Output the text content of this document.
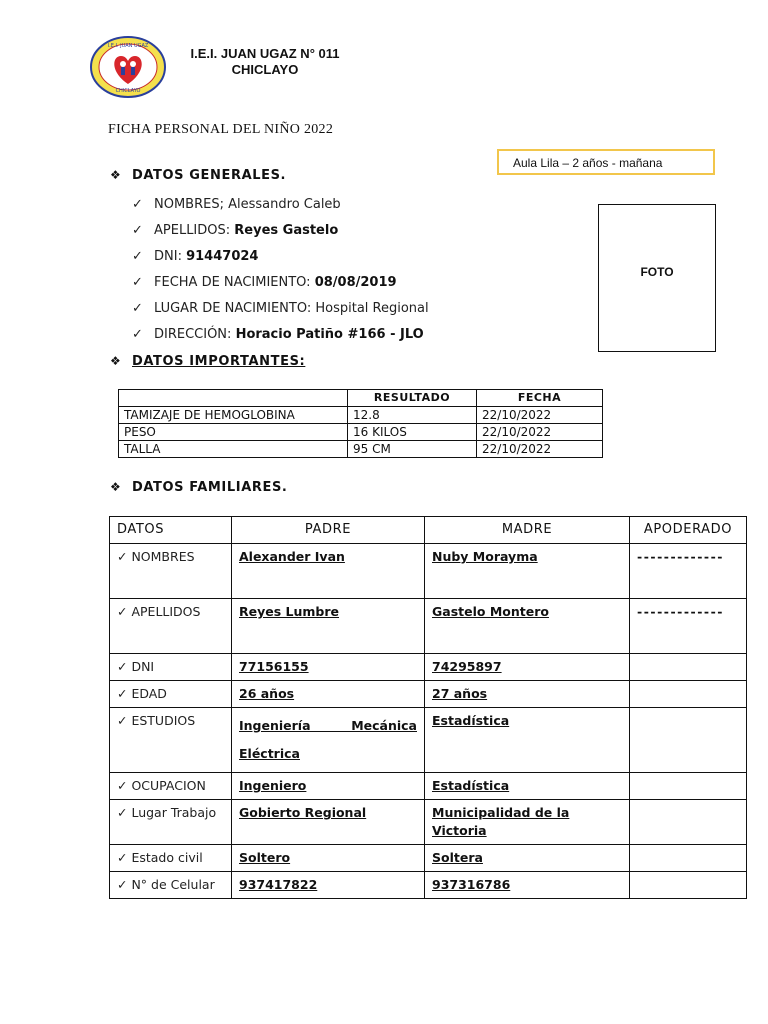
I.E.I. JUAN UGAZ
CHICLAYO
I.E.I. JUAN UGAZ N° 011
CHICLAYO
FICHA PERSONAL DEL NIÑO 2022
Aula Lila – 2 años - mañana
FOTO
❖ DATOS GENERALES.
✓ NOMBRES; Alessandro Caleb
✓ APELLIDOS: Reyes Gastelo
✓ DNI: 91447024
✓ FECHA DE NACIMIENTO: 08/08/2019
✓ LUGAR DE NACIMIENTO: Hospital Regional
✓ DIRECCIÓN: Horacio Patiño #166 - JLO
❖ DATOS IMPORTANTES:
	RESULTADO	FECHA
TAMIZAJE DE HEMOGLOBINA	12.8	22/10/2022
PESO	16 KILOS	22/10/2022
TALLA	95 CM	22/10/2022
❖ DATOS FAMILIARES.
DATOS	PADRE	MADRE	APODERADO
✓ NOMBRES	Alexander Ivan	Nuby Morayma	-------------
✓ APELLIDOS	Reyes Lumbre	Gastelo Montero	-------------
✓ DNI	77156155	74295897	
✓ EDAD	26 años	27 años	
✓ ESTUDIOS	Ingeniería Mecánica Eléctrica	Estadística	
✓ OCUPACION	Ingeniero	Estadística	
✓ Lugar Trabajo	Gobierto Regional	Municipalidad de la Victoria	
✓ Estado civil	Soltero	Soltera	
✓ N° de Celular	937417822	937316786	
